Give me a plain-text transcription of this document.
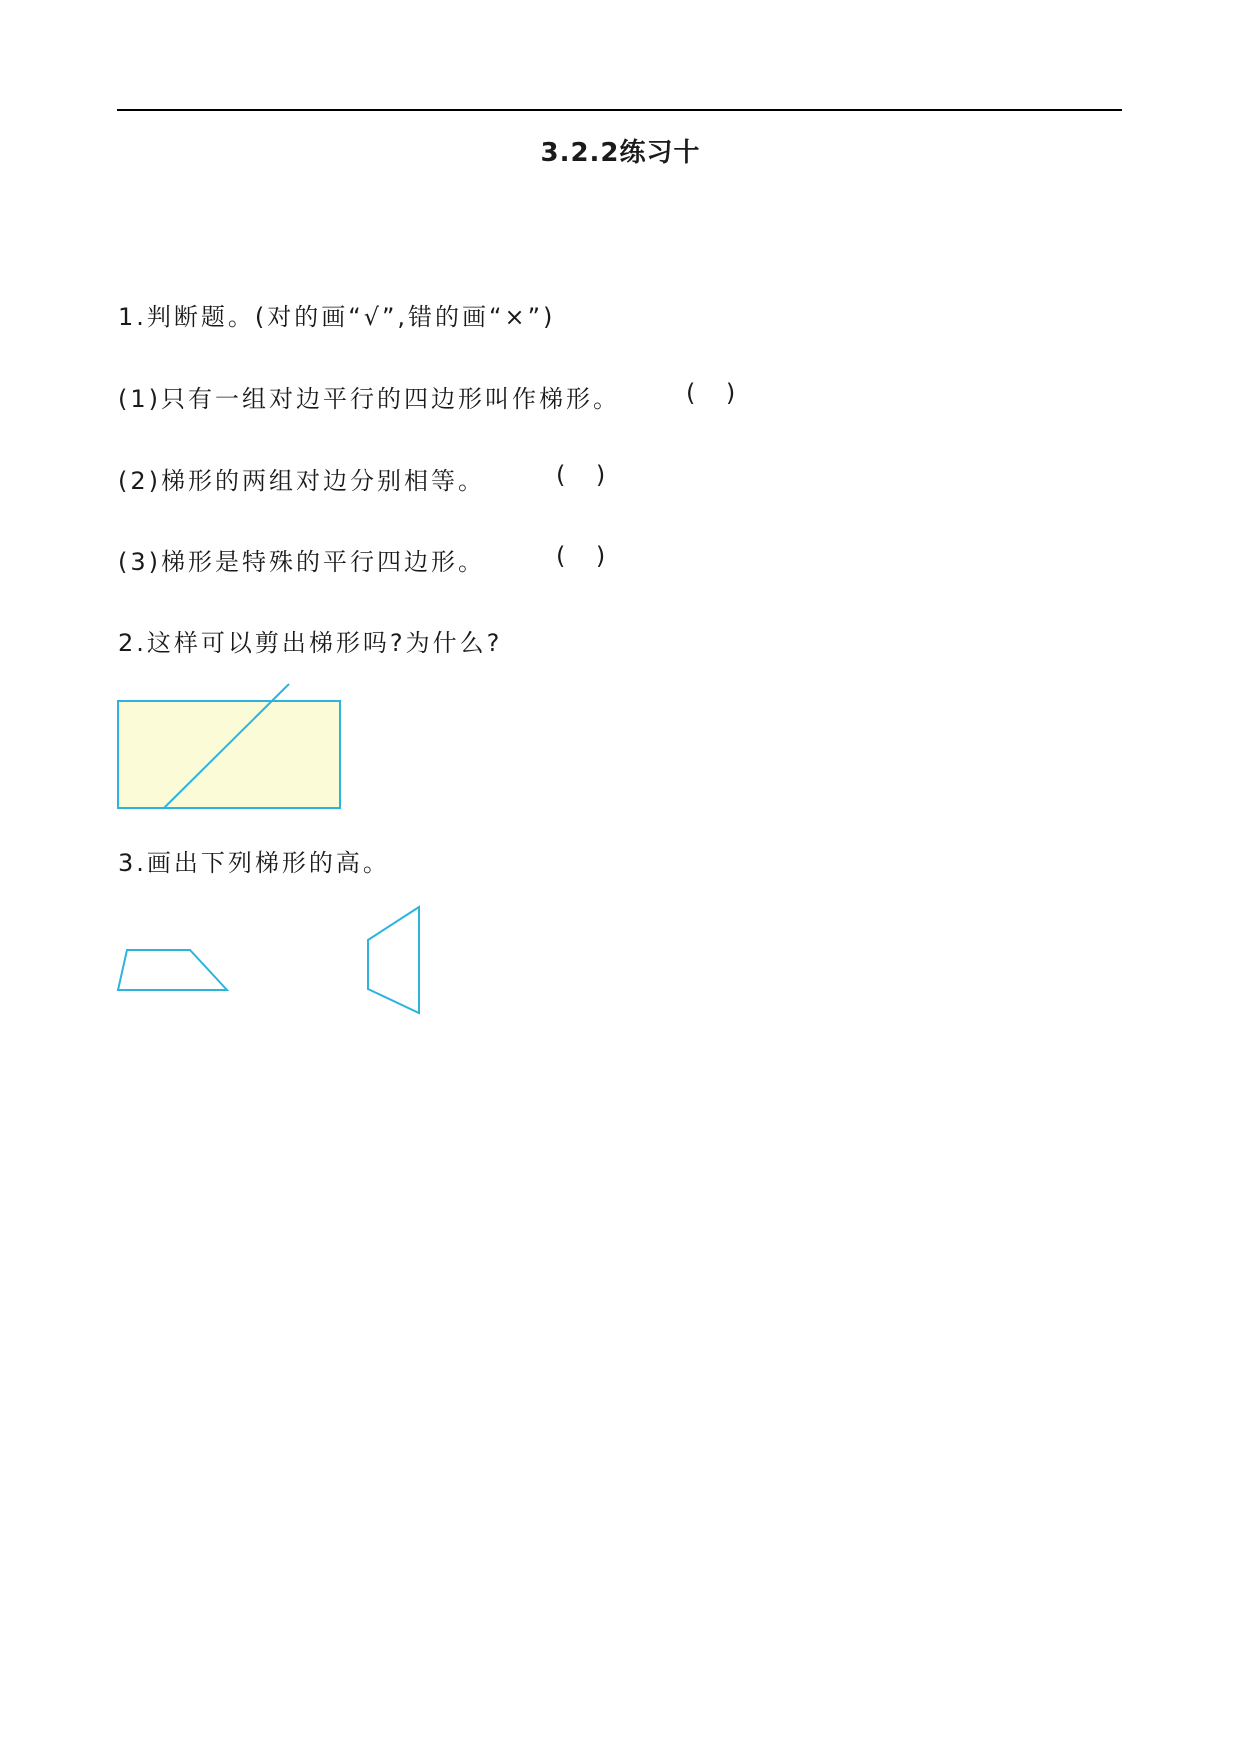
3.2.2练习十
1.判断题。(对的画“√”,错的画“×”)
(1)只有一组对边平行的四边形叫作梯形。	(    )
(2)梯形的两组对边分别相等。	(    )
(3)梯形是特殊的平行四边形。	(    )
2.这样可以剪出梯形吗?为什么?
3.画出下列梯形的高。
